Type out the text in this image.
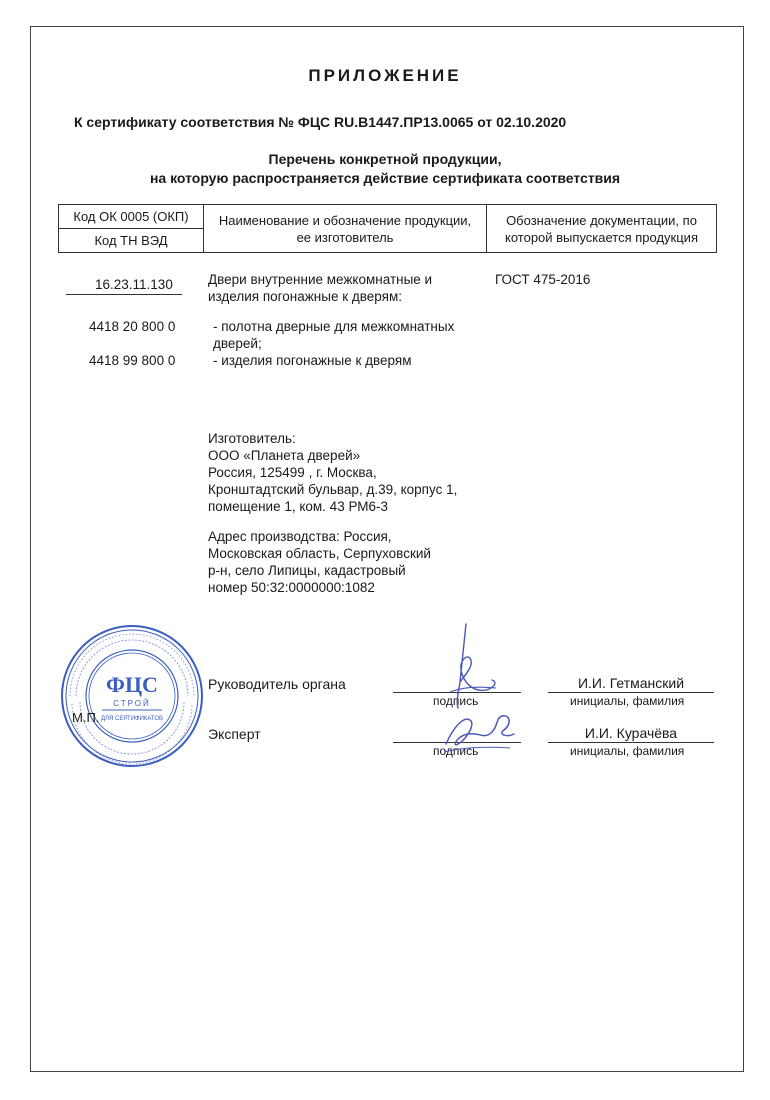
ПРИЛОЖЕНИЕ
К сертификату соответствия № ФЦС RU.B1447.ПР13.0065 от 02.10.2020
Перечень конкретной продукции,
на которую распространяется действие сертификата соответствия
Код ОК 0005 (ОКП)
Код ТН ВЭД
Наименование и обозначение продукции, ее изготовитель
Обозначение документации, по которой выпускается продукция
16.23.11.130
4418 20 800 0
4418 99 800 0
Двери внутренние межкомнатные и изделия погонажные к дверям:
- полотна дверные для межкомнатных дверей;
- изделия погонажные к дверям
ГОСТ 475-2016
Изготовитель:
ООО «Планета дверей»
Россия, 125499 , г. Москва,
Кронштадтский бульвар, д.39, корпус 1,
помещение 1, ком. 43 РМ6-3
Адрес производства: Россия,
Московская область, Серпуховский
р-н, село Липицы, кадастровый
номер 50:32:0000000:1082
ФЦС
СТРОЙ
ДЛЯ СЕРТИФИКАТОВ
М.П.
Руководитель органа
Эксперт
И.И. Гетманский
И.И. Курачёва
подпись
подпись
инициалы, фамилия
инициалы, фамилия
